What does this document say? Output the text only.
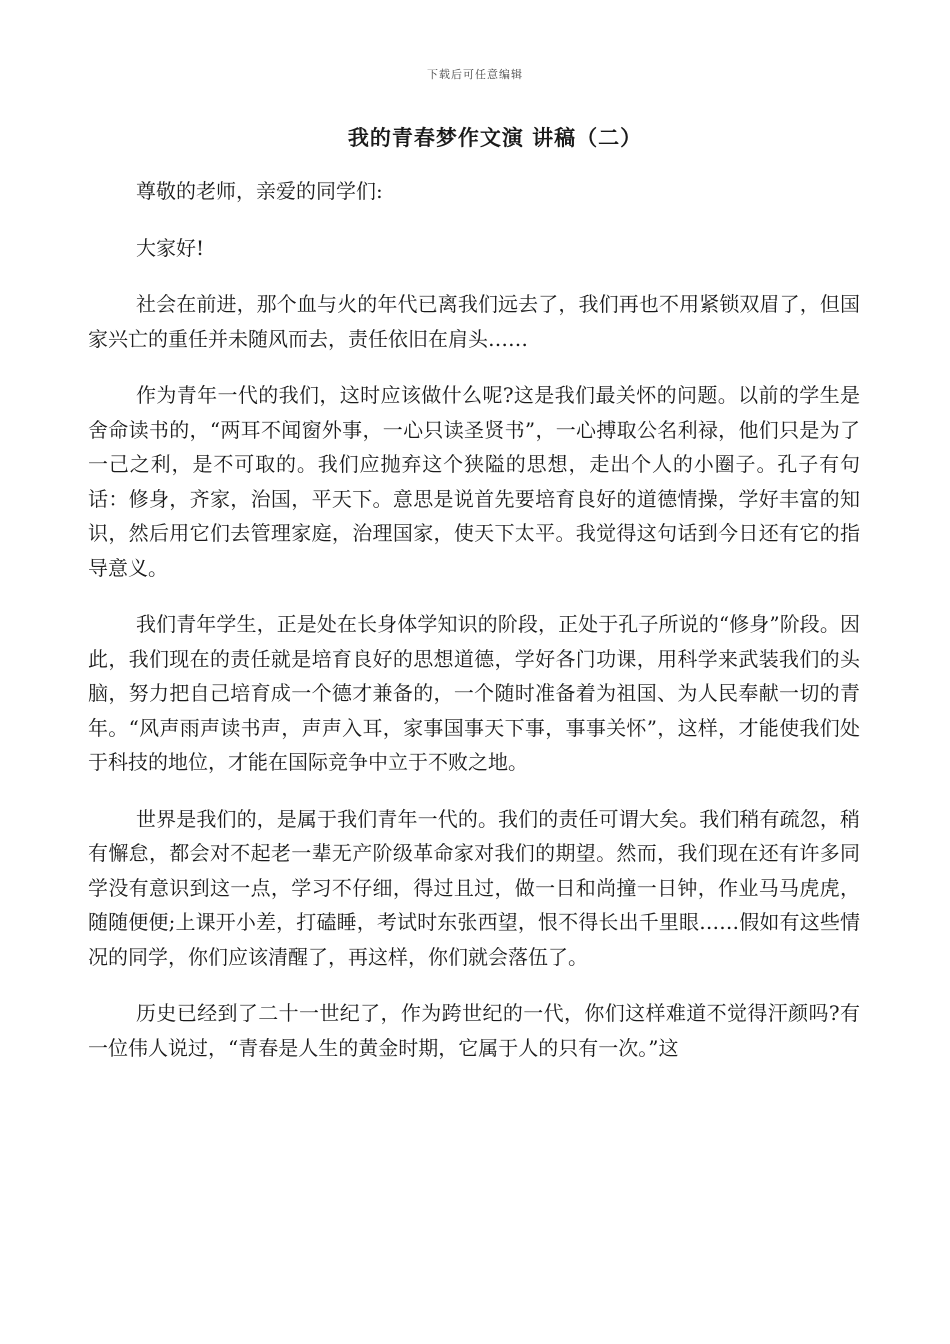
下载后可任意编辑
我的青春梦作文演 讲稿（二）

尊敬的老师，亲爱的同学们:

大家好!

社会在前进，那个血与火的年代已离我们远去了，我们再也不用紧锁双眉了，但国家兴亡的重任并未随风而去，责任依旧在肩头……

作为青年一代的我们，这时应该做什么呢?这是我们最关怀的问题。以前的学生是舍命读书的，“两耳不闻窗外事，一心只读圣贤书”，一心搏取公名利禄，他们只是为了一己之利，是不可取的。我们应抛弃这个狭隘的思想，走出个人的小圈子。孔子有句话：修身，齐家，治国，平天下。意思是说首先要培育良好的道德情操，学好丰富的知识，然后用它们去管理家庭，治理国家，使天下太平。我觉得这句话到今日还有它的指导意义。

我们青年学生，正是处在长身体学知识的阶段，正处于孔子所说的“修身”阶段。因此，我们现在的责任就是培育良好的思想道德，学好各门功课，用科学来武装我们的头脑，努力把自己培育成一个德才兼备的，一个随时准备着为祖国、为人民奉献一切的青年。“风声雨声读书声，声声入耳，家事国事天下事，事事关怀”，这样，才能使我们处于科技的地位，才能在国际竞争中立于不败之地。

世界是我们的，是属于我们青年一代的。我们的责任可谓大矣。我们稍有疏忽，稍有懈怠，都会对不起老一辈无产阶级革命家对我们的期望。然而，我们现在还有许多同学没有意识到这一点，学习不仔细，得过且过，做一日和尚撞一日钟，作业马马虎虎，随随便便;上课开小差，打磕睡，考试时东张西望，恨不得长出千里眼……假如有这些情况的同学，你们应该清醒了，再这样，你们就会落伍了。

历史已经到了二十一世纪了，作为跨世纪的一代，你们这样难道不觉得汗颜吗?有一位伟人说过，“青春是人生的黄金时期，它属于人的只有一次。”这
